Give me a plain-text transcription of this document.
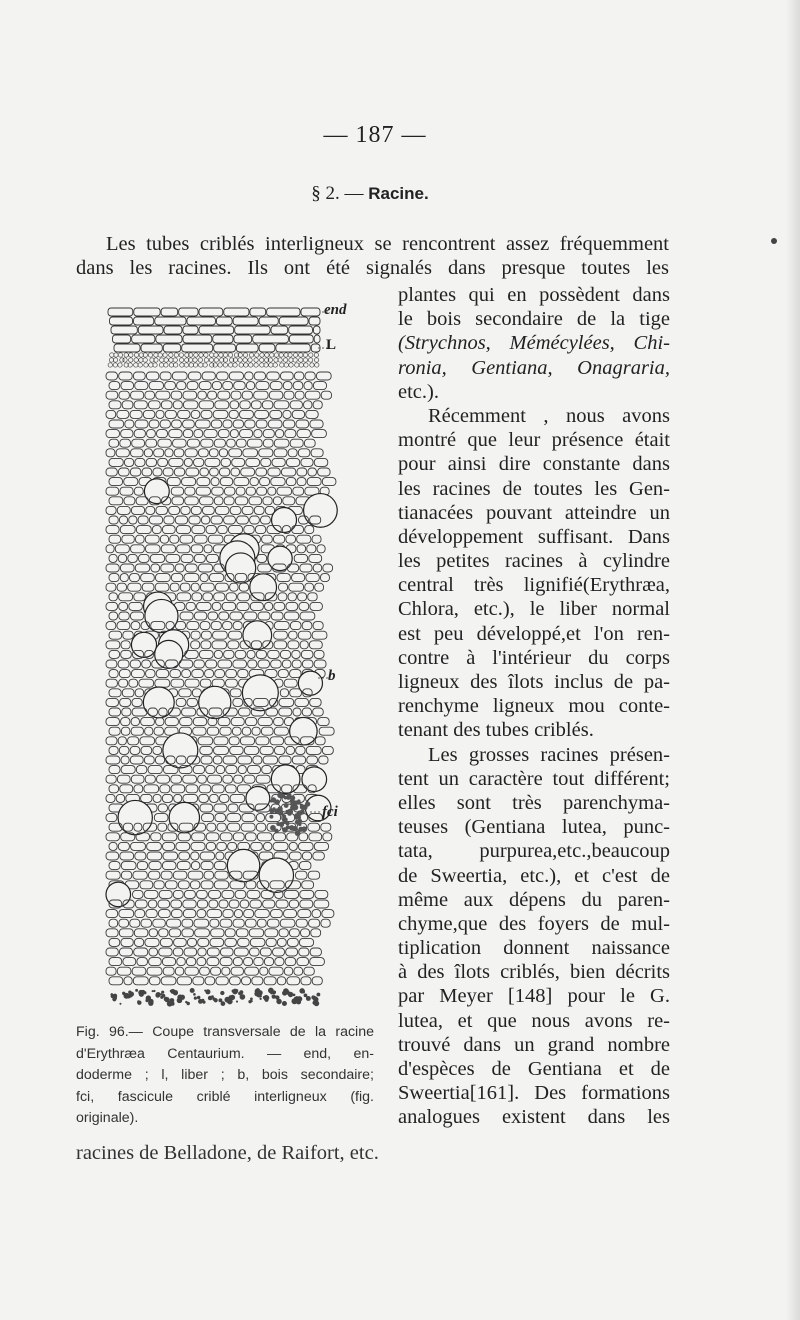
— 187 —
§ 2. — Racine.
Les tubes criblés interligneux se rencontrent assez fréquemment
dans les racines. Ils ont été signalés dans presque toutes les
plantes qui en possèdent dans
le bois secondaire de la tige
(Strychnos, Mémécylées, Chi-
ronia, Gentiana, Onagraria,
etc.).
Récemment , nous avons
montré que leur présence était
pour ainsi dire constante dans
les racines de toutes les Gen-
tianacées pouvant atteindre un
développement suffisant. Dans
les petites racines à cylindre
central très lignifié(Erythræa,
Chlora, etc.), le liber normal
est peu développé,et l'on ren-
contre à l'intérieur du corps
ligneux des îlots inclus de pa-
renchyme ligneux mou conte-
tenant des tubes criblés.
Les grosses racines présen-
tent un caractère tout différent;
elles sont très parenchyma-
teuses (Gentiana lutea, punc-
tata, purpurea,etc.,beaucoup
de Sweertia, etc.), et c'est de
même aux dépens du paren-
chyme,que des foyers de mul-
tiplication donnent naissance
à des îlots criblés, bien décrits
par Meyer [148] pour le G.
lutea, et que nous avons re-
trouvé dans un grand nombre
d'espèces de Gentiana et de
Sweertia[161]. Des formations
analogues existent dans les
end
L
b
fci
Fig. 96.— Coupe transversale de la racine
d'Erythræa Centaurium. — end, en-
doderme ; l, liber ; b, bois secondaire;
fci, fascicule criblé interligneux (fig.
originale).
racines de Belladone, de Raifort, etc.
